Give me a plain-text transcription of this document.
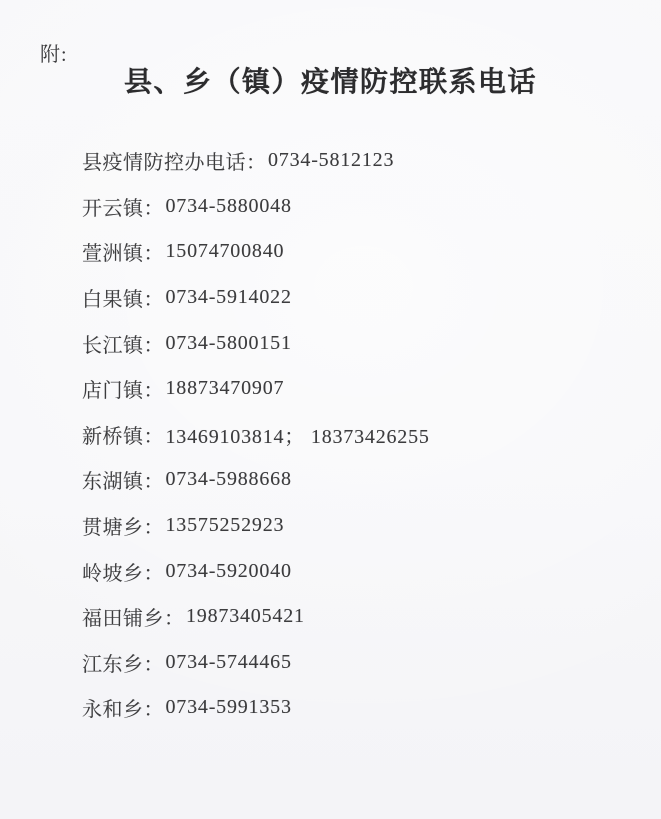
附:
县、乡（镇）疫情防控联系电话
县疫情防控办电话 ： 0734-5812123
开云镇 ： 0734-5880048
萱洲镇 ： 15074700840
白果镇 ： 0734-5914022
长江镇 ： 0734-5800151
店门镇 ： 18873470907
新桥镇 ： 13469103814； 18373426255
东湖镇 ： 0734-5988668
贯塘乡 ： 13575252923
岭坡乡 ： 0734-5920040
福田铺乡 ： 19873405421
江东乡 ： 0734-5744465
永和乡 ： 0734-5991353
